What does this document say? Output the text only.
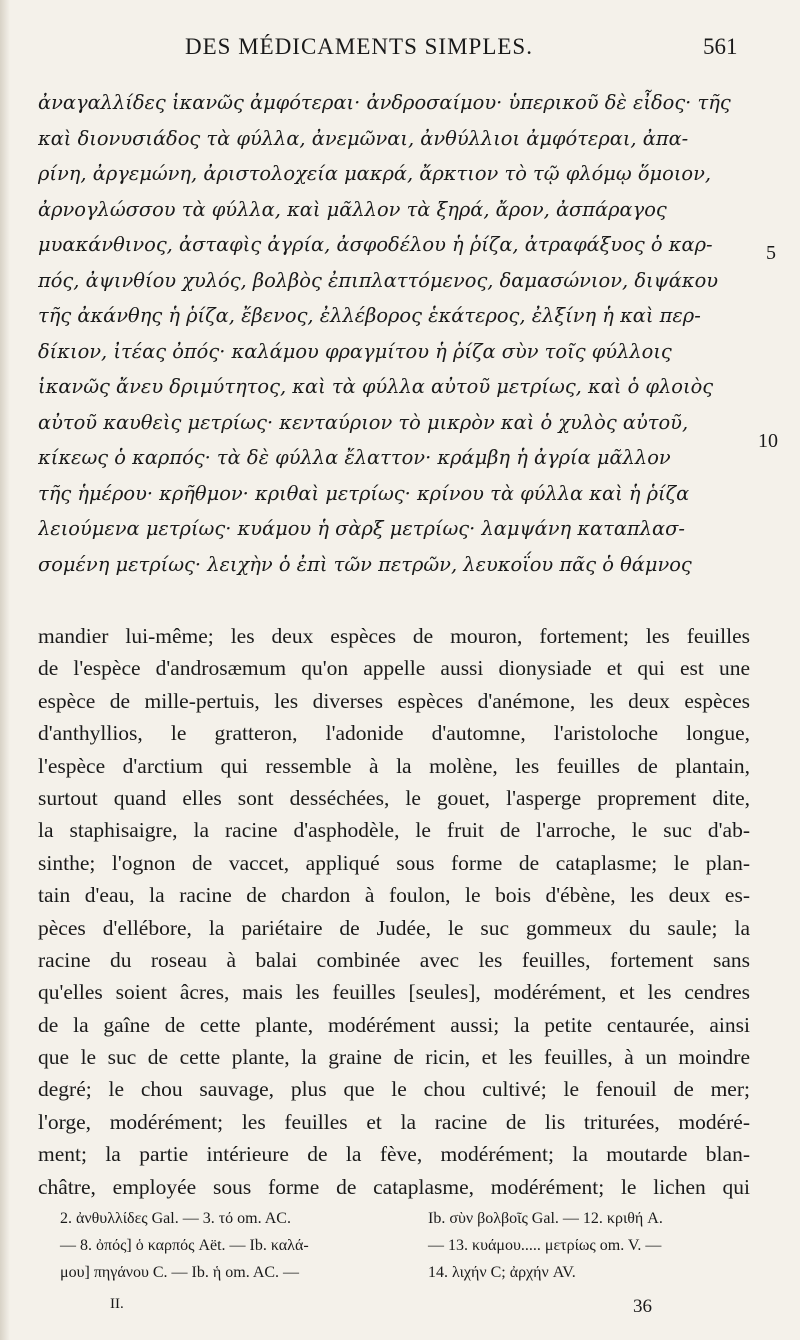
DES MÉDICAMENTS SIMPLES.	561
ἀναγαλλίδες ἱκανῶς ἀμφότεραι· ἀνδροσαίμου· ὑπερικοῦ δὲ εἶδος· τῆς
καὶ διονυσιάδος τὰ φύλλα, ἀνεμῶναι, ἀνθύλλιοι ἀμφότεραι, ἀπα-
ρίνη, ἀργεμώνη, ἀριστολοχεία μακρά, ἄρκτιον τὸ τῷ φλόμῳ ὅμοιον,
ἀρνογλώσσου τὰ φύλλα, καὶ μᾶλλον τὰ ξηρά, ἄρον, ἀσπάραγος
μυακάνθινος, ἀσταφὶς ἀγρία, ἀσφοδέλου ἡ ῥίζα, ἀτραφάξυος ὁ καρ-
πός, ἀψινθίου χυλός, βολβὸς ἐπιπλαττόμενος, δαμασώνιον, διψάκου
τῆς ἀκάνθης ἡ ῥίζα, ἔβενος, ἐλλέβορος ἑκάτερος, ἐλξίνη ἡ καὶ περ-
δίκιον, ἰτέας ὀπός· καλάμου φραγμίτου ἡ ῥίζα σὺν τοῖς φύλλοις
ἱκανῶς ἄνευ δριμύτητος, καὶ τὰ φύλλα αὐτοῦ μετρίως, καὶ ὁ φλοιὸς
αὐτοῦ καυθεὶς μετρίως· κενταύριον τὸ μικρὸν καὶ ὁ χυλὸς αὐτοῦ,
κίκεως ὁ καρπός· τὰ δὲ φύλλα ἔλαττον· κράμβη ἡ ἀγρία μᾶλλον
τῆς ἡμέρου· κρῆθμον· κριθαὶ μετρίως· κρίνου τὰ φύλλα καὶ ἡ ῥίζα
λειούμενα μετρίως· κυάμου ἡ σὰρξ μετρίως· λαμψάνη καταπλασ-
σομένη μετρίως· λειχὴν ὁ ἐπὶ τῶν πετρῶν, λευκοΐου πᾶς ὁ θάμνος
5
10
mandier lui-même; les deux espèces de mouron, fortement; les feuilles
de l'espèce d'androsæmum qu'on appelle aussi dionysiade et qui est une
espèce de mille-pertuis, les diverses espèces d'anémone, les deux espèces
d'anthyllios, le gratteron, l'adonide d'automne, l'aristoloche longue,
l'espèce d'arctium qui ressemble à la molène, les feuilles de plantain,
surtout quand elles sont desséchées, le gouet, l'asperge proprement dite,
la staphisaigre, la racine d'asphodèle, le fruit de l'arroche, le suc d'ab-
sinthe; l'ognon de vaccet, appliqué sous forme de cataplasme; le plan-
tain d'eau, la racine de chardon à foulon, le bois d'ébène, les deux es-
pèces d'ellébore, la pariétaire de Judée, le suc gommeux du saule; la
racine du roseau à balai combinée avec les feuilles, fortement sans
qu'elles soient âcres, mais les feuilles [seules], modérément, et les cendres
de la gaîne de cette plante, modérément aussi; la petite centaurée, ainsi
que le suc de cette plante, la graine de ricin, et les feuilles, à un moindre
degré; le chou sauvage, plus que le chou cultivé; le fenouil de mer;
l'orge, modérément; les feuilles et la racine de lis triturées, modéré-
ment; la partie intérieure de la fève, modérément; la moutarde blan-
châtre, employée sous forme de cataplasme, modérément; le lichen qui
2. ἀνθυλλίδες Gal. — 3. τό om. AC.	Ib. σὺν βολβοῖς Gal. — 12. κριθή A.
— 8. ὀπός] ὁ καρπός Aët. — Ib. καλά-	— 13. κυάμου..... μετρίως om. V. —
μου] πηγάνου C. — Ib. ἡ om. AC. —	14. λιχήν C; ἀρχήν AV.
II.	36
